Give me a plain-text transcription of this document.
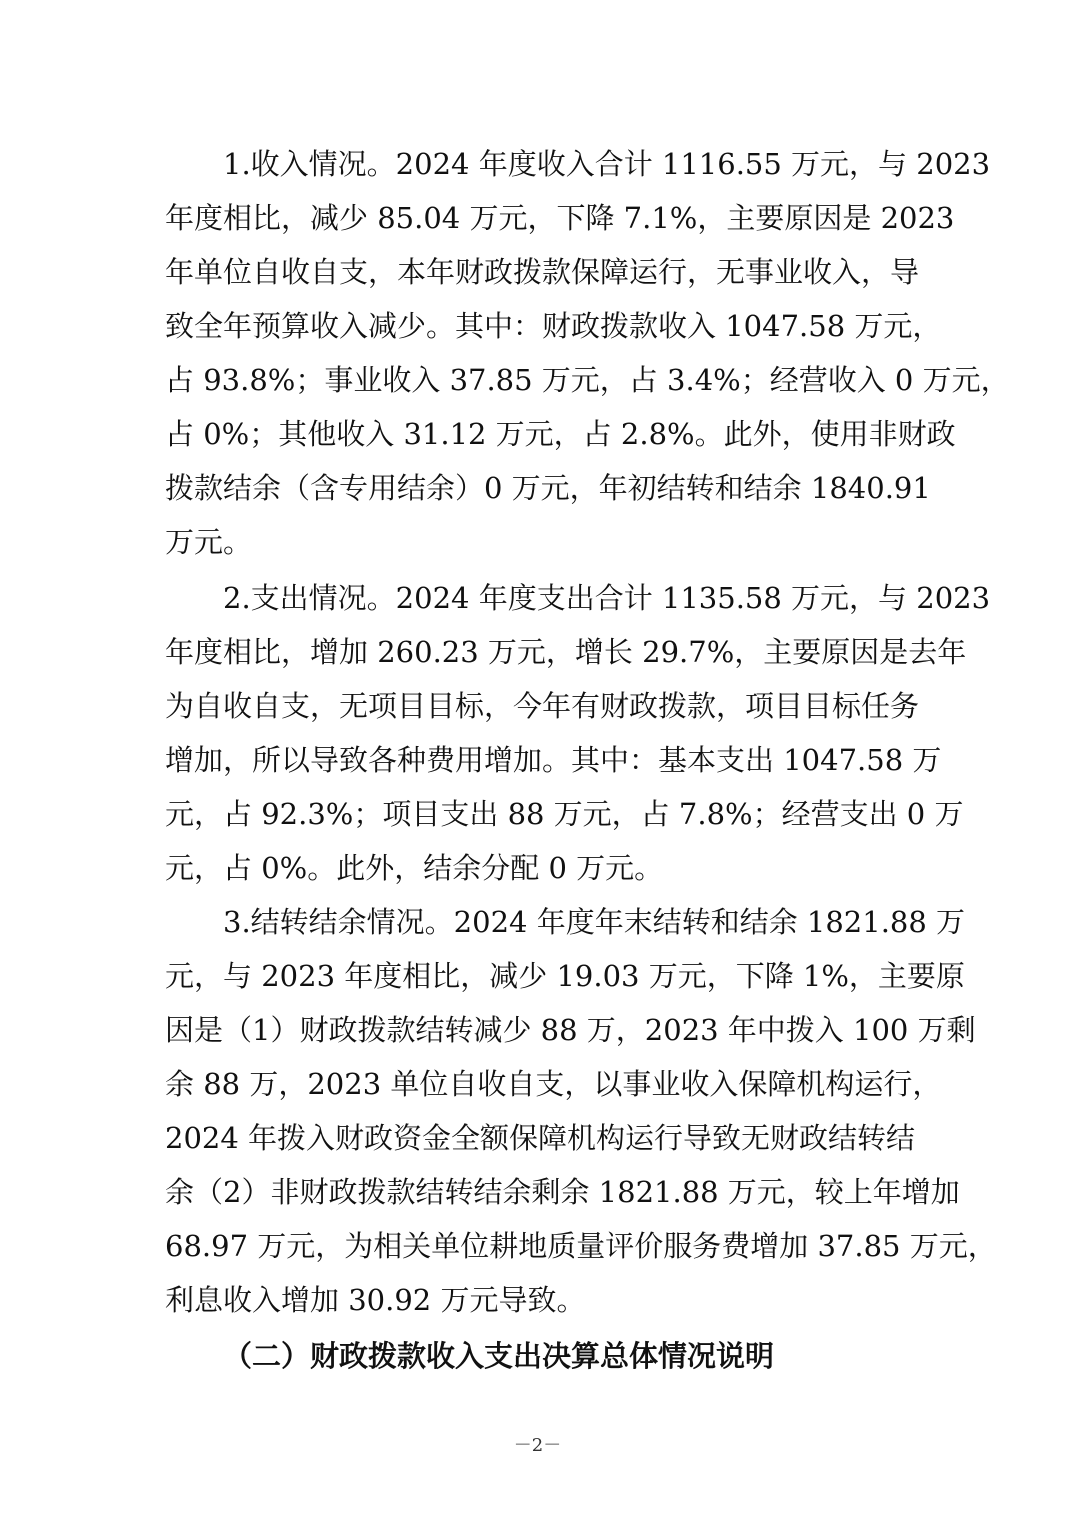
1.收入情况。2024 年度收入合计 1116.55 万元，与 2023
年度相比，减少 85.04 万元，下降 7.1%，主要原因是 2023
年单位自收自支，本年财政拨款保障运行，无事业收入，导
致全年预算收入减少。其中：财政拨款收入 1047.58 万元，
占 93.8%；事业收入 37.85 万元，占 3.4%；经营收入 0 万元，
占 0%；其他收入 31.12 万元，占 2.8%。此外，使用非财政
拨款结余（含专用结余）0 万元，年初结转和结余 1840.91
万元。
2.支出情况。2024 年度支出合计 1135.58 万元，与 2023
年度相比，增加 260.23 万元，增长 29.7%，主要原因是去年
为自收自支，无项目目标，今年有财政拨款，项目目标任务
增加，所以导致各种费用增加。其中：基本支出 1047.58 万
元，占 92.3%；项目支出 88 万元，占 7.8%；经营支出 0 万
元，占 0%。此外，结余分配 0 万元。
3.结转结余情况。2024 年度年末结转和结余 1821.88 万
元，与 2023 年度相比，减少 19.03 万元，下降 1%，主要原
因是（1）财政拨款结转减少 88 万，2023 年中拨入 100 万剩
余 88 万，2023 单位自收自支，以事业收入保障机构运行，
2024 年拨入财政资金全额保障机构运行导致无财政结转结
余（2）非财政拨款结转结余剩余 1821.88 万元，较上年增加
68.97 万元，为相关单位耕地质量评价服务费增加 37.85 万元，
利息收入增加 30.92 万元导致。
（二）财政拨款收入支出决算总体情况说明
－2－
